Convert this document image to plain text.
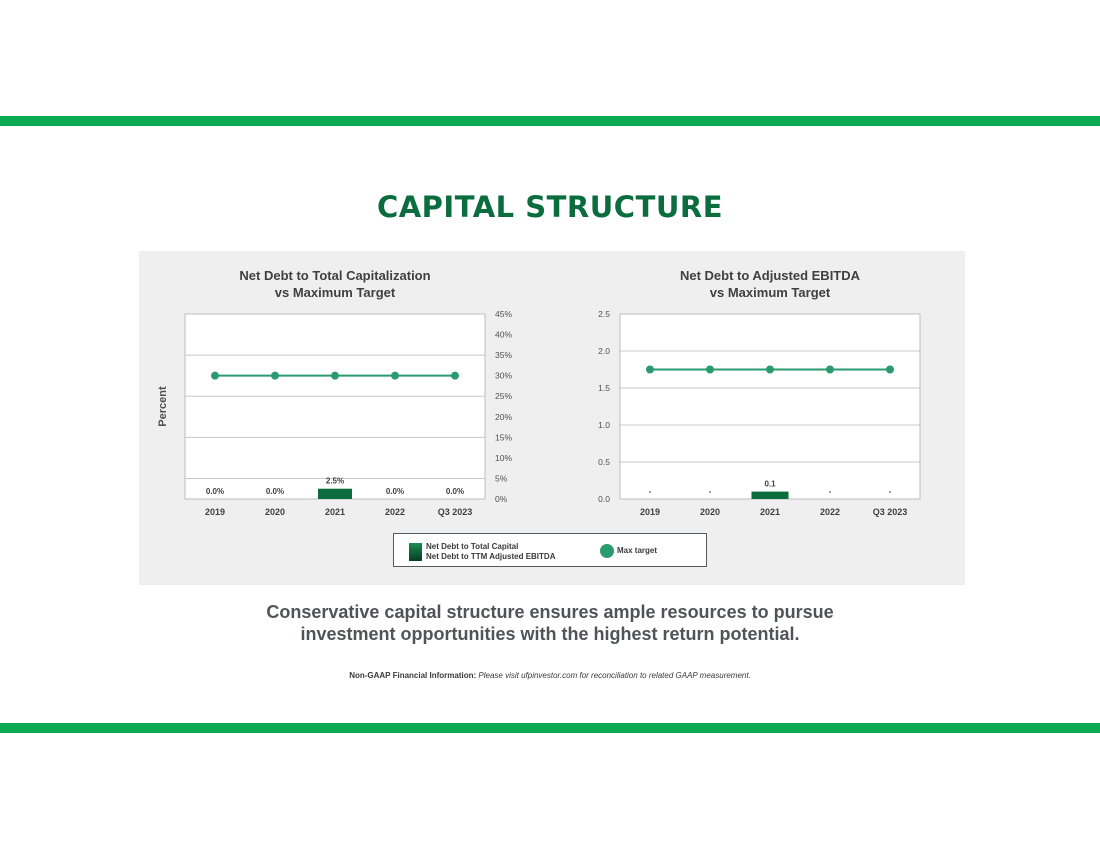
CAPITAL STRUCTURE
0%
5%
10%
15%
20%
25%
30%
35%
40%
45%
Percent
0.0%	0.0%
2.5%
0.0%	0.0%
2019	2020	2021	2022	Q3 2023
0.0
0.5
1.0
1.5
2.0
2.5
-	-
0.1
-	-
2019	2020	2021	2022	Q3 2023
Net Debt to Total Capitalization
vs Maximum Target
Net Debt to Adjusted EBITDA
vs Maximum Target
Net Debt to Total Capital
Net Debt to TTM Adjusted EBITDA
Max target
Conservative capital structure ensures ample resources to pursue
investment opportunities with the highest return potential.
Non-GAAP Financial Information: Please visit ufpinvestor.com for reconciliation to related GAAP measurement.
